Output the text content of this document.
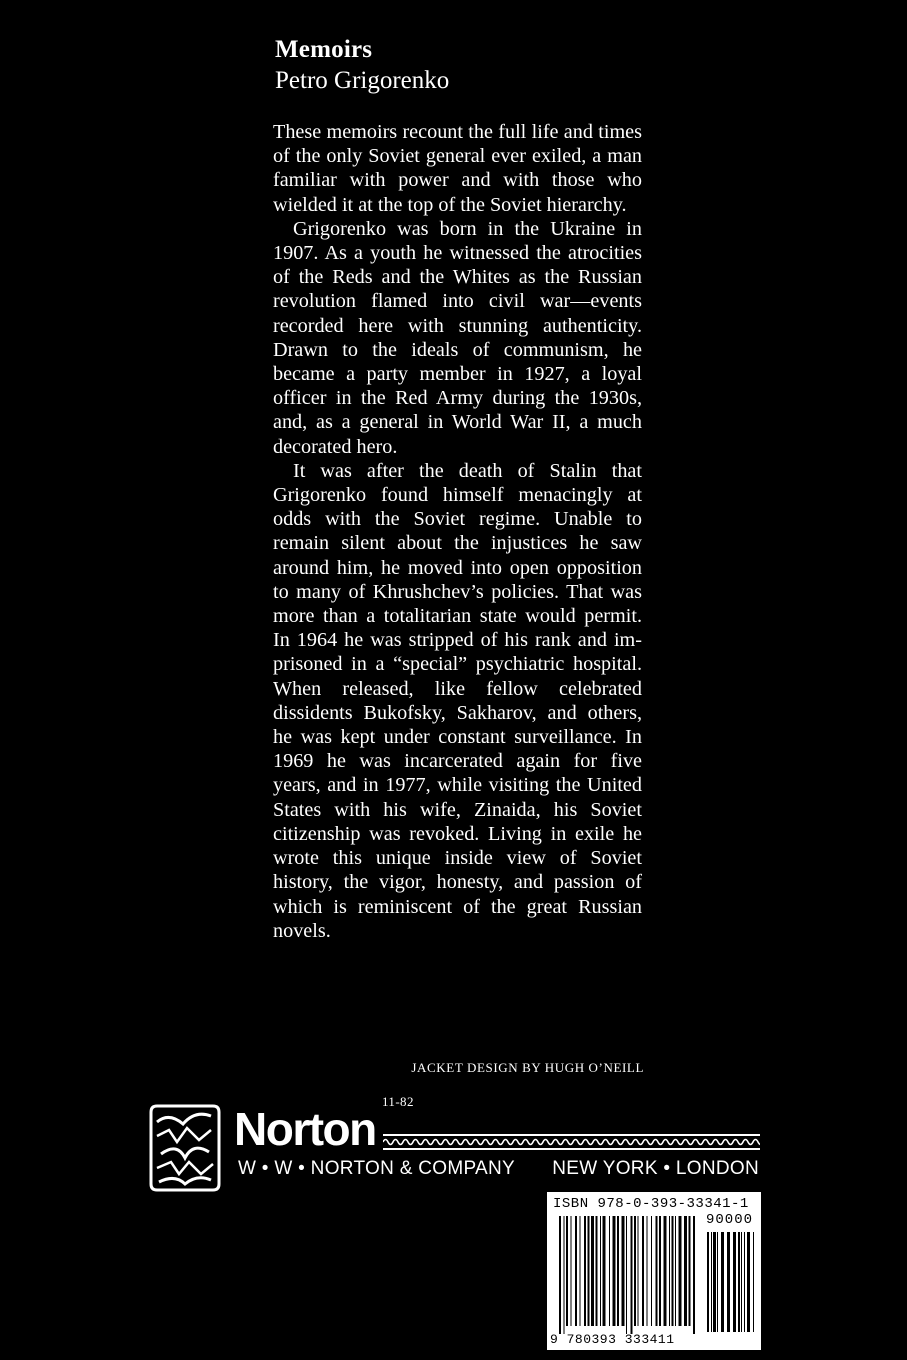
Memoirs
Petro Grigorenko

These memoirs recount the full life and times of the only Soviet general ever exiled, a man familiar with power and with those who wielded it at the top of the Soviet hierarchy.

Grigorenko was born in the Ukraine in 1907. As a youth he witnessed the atrocities of the Reds and the Whites as the Russian revolution flamed into civil war—events recorded here with stunning authenticity. Drawn to the ideals of communism, he became a party member in 1927, a loyal officer in the Red Army during the 1930s, and, as a general in World War II, a much decorated hero.

It was after the death of Stalin that Grigorenko found himself menacingly at odds with the Soviet regime. Unable to remain silent about the injustices he saw around him, he moved into open opposition to many of Khrushchev’s policies. That was more than a totalitarian state would permit. In 1964 he was stripped of his rank and imprisoned in a “special” psychiatric hospital. When released, like fellow celebrated dissidents Bukofsky, Sakharov, and others, he was kept under constant surveillance. In 1969 he was incarcerated again for five years, and in 1977, while visiting the United States with his wife, Zinaida, his Soviet citizenship was revoked. Living in exile he wrote this unique inside view of Soviet history, the vigor, honesty, and passion of which is reminiscent of the great Russian novels.

JACKET DESIGN BY HUGH O’NEILL
11-82
Norton
W • W • NORTON & COMPANY NEW YORK • LONDON
ISBN 978-0-393-33341-1
90000
9 780393 333411
